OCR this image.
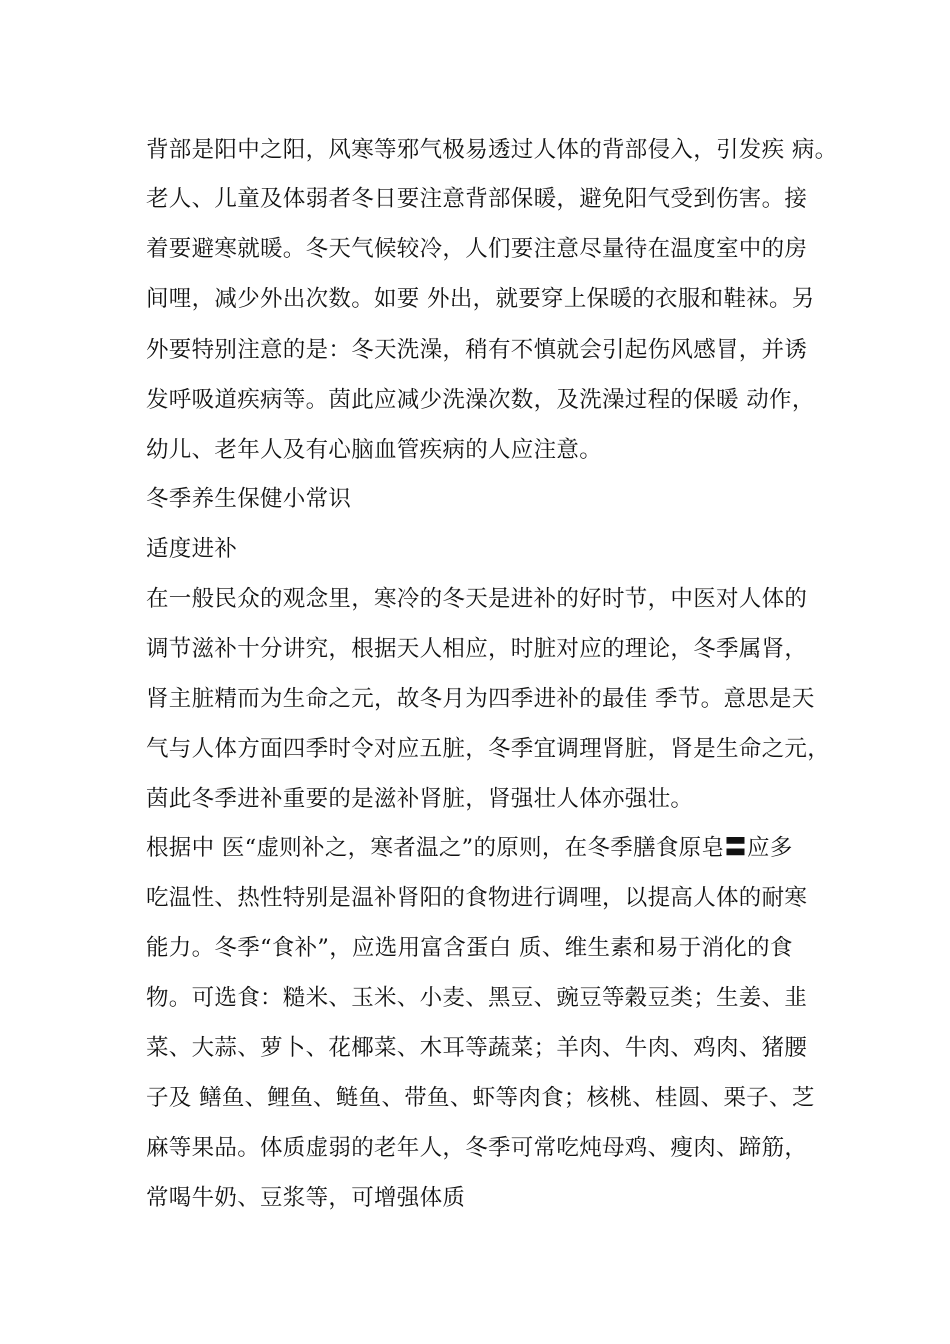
背部是阳中之阳，风寒等邪气极易透过人体的背部侵入，引发疾 病。
老人、儿童及体弱者冬日要注意背部保暖，避免阳气受到伤害。接
着要避寒就暖。冬天气候较冷，人们要注意尽量待在温度室中的房
间哩，减少外出次数。如要 外出，就要穿上保暖的衣服和鞋袜。另
外要特别注意的是：冬天洗澡，稍有不慎就会引起伤风感冒，并诱
发呼吸道疾病等。茵此应减少洗澡次数，及洗澡过程的保暖 动作，
幼儿、老年人及有心脑血管疾病的人应注意。
冬季养生保健小常识
适度进补
在一般民众的观念里，寒冷的冬天是进补的好时节，中医对人体的
调节滋补十分讲究，根据天人相应，时脏对应的理论，冬季属肾，
肾主脏精而为生命之元，故冬月为四季进补的最佳 季节。意思是天
气与人体方面四季时令对应五脏，冬季宜调理肾脏，肾是生命之元，
茵此冬季进补重要的是滋补肾脏，肾强壮人体亦强壮。
根据中 医“虚则补之，寒者温之”的原则，在冬季膳食原皂〓应多
吃温性、热性特别是温补肾阳的食物进行调哩，以提高人体的耐寒
能力。冬季“食补”，应选用富含蛋白 质、维生素和易于消化的食
物。可选食：糙米、玉米、小麦、黑豆、豌豆等穀豆类；生姜、韭
菜、大蒜、萝卜、花椰菜、木耳等蔬菜；羊肉、牛肉、鸡肉、猪腰
子及 鳝鱼、鲤鱼、鲢鱼、带鱼、虾等肉食；核桃、桂圆、栗子、芝
麻等果品。体质虚弱的老年人，冬季可常吃炖母鸡、瘦肉、蹄筋，
常喝牛奶、豆浆等，可增强体质
